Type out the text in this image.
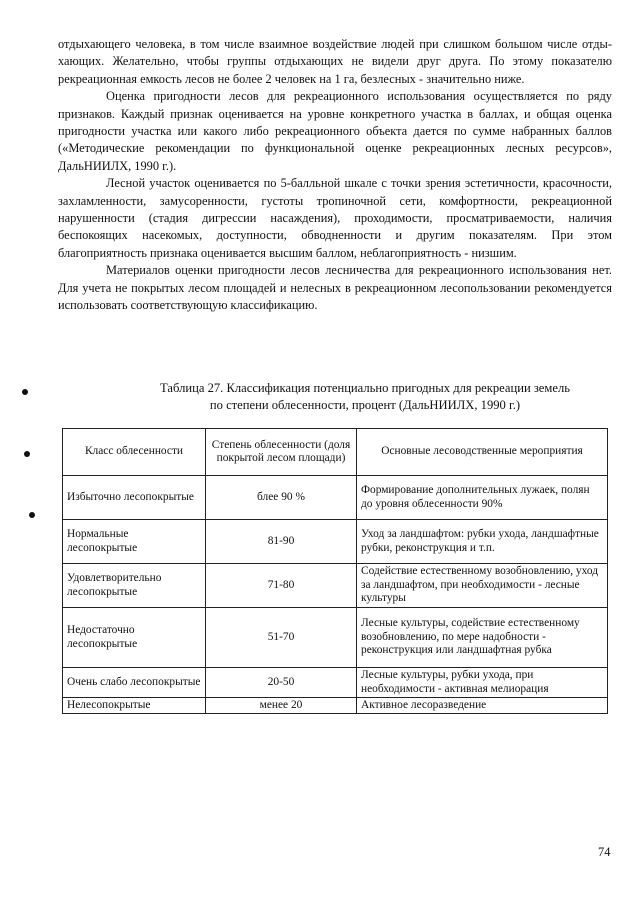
отдыхающего человека, в том числе взаимное воздействие людей при слишком большом числе отды-хающих. Желательно, чтобы группы отдыхающих не видели друг друга. По этому показателю рекреационная емкость лесов не более 2 человек на 1 га, безлесных - значительно ниже.

Оценка пригодности лесов для рекреационного использования осуществляется по ряду признаков. Каждый признак оценивается на уровне конкретного участка в баллах, и общая оценка пригодности участка или какого либо рекреационного объекта дается по сумме набранных баллов («Методические рекомендации по функциональной оценке рекреационных лесных ресурсов», ДальНИИЛХ, 1990 г.).

Лесной участок оценивается по 5-балльной шкале с точки зрения эстетичности, красочности, захламленности, замусоренности, густоты тропиночной сети, комфортности, рекреационной нарушенности (стадия дигрессии насаждения), проходимости, просматриваемости, наличия беспокоящих насекомых, доступности, обводненности и другим показателям. При этом благоприятность признака оценивается высшим баллом, неблагоприятность - низшим.

Материалов оценки пригодности лесов лесничества для рекреационного использования нет. Для учета не покрытых лесом площадей и нелесных в рекреационном лесопользовании рекомендуется использовать соответствующую классификацию.

Таблица 27. Классификация потенциально пригодных для рекреации земель
по степени облесенности, процент (ДальНИИЛХ, 1990 г.)
Класс облесенности	Степень облесенности (доля покрытой лесом площади)	Основные лесоводственные мероприятия
Избыточно лесопокрытые	блее 90 %	Формирование дополнительных лужаек, полян до уровня облесенности 90%
Нормальные лесопокрытые	81-90	Уход за ландшафтом: рубки ухода, ландшафтные рубки, реконструкция и т.п.
Удовлетворительно лесопокрытые	71-80	Содействие естественному возобновлению, уход за ландшафтом, при необходимости - лесные культуры
Недостаточно лесопокрытые	51-70	Лесные культуры, содействие естественному возобновлению, по мере надобности - реконструкция или ландшафтная рубка
Очень слабо лесопокрытые	20-50	Лесные культуры, рубки ухода, при необходимости - активная мелиорация
Нелесопокрытые	менее 20	Активное лесоразведение
74
